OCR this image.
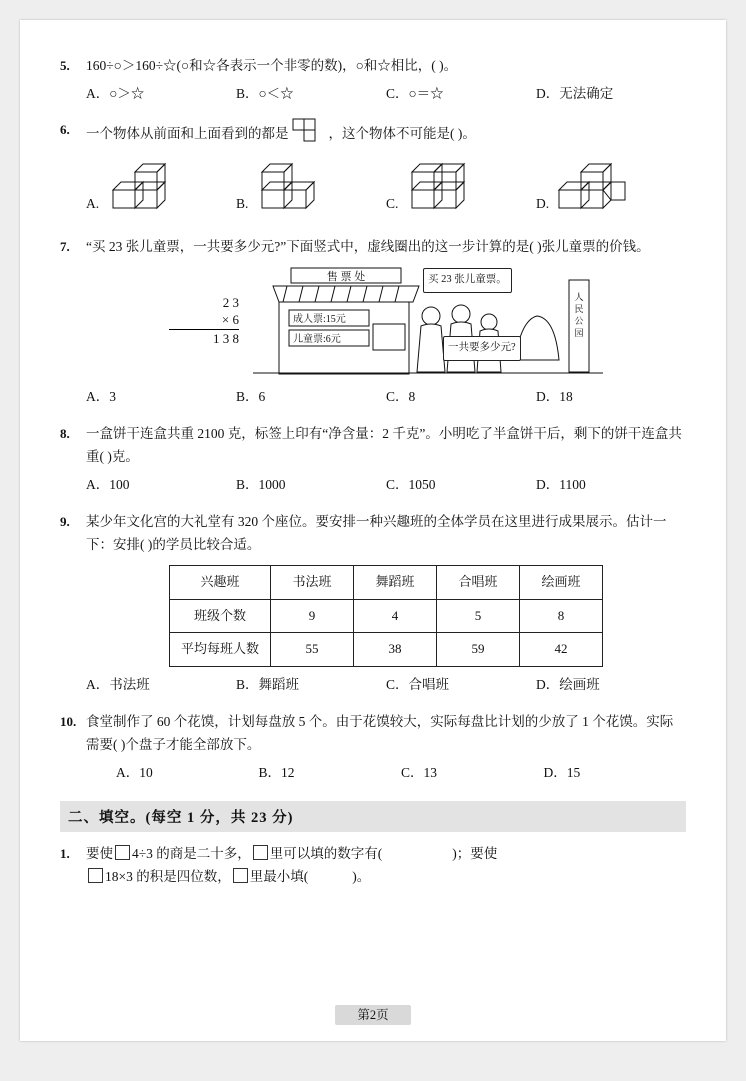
5.	160÷○＞160÷☆(○和☆各表示一个非零的数)，○和☆相比，( )。
A．○＞☆	B．○＜☆	C．○＝☆	D．无法确定
6.	一个物体从前面和上面看到的都是	，这个物体不可能是( )。
A.	B.	C.	D.
7.	“买 23 张儿童票，一共要多少元?”下面竖式中，虚线圈出的这一步计算的是( )张儿童票的价钱。
2 3
× 6
1 3 8
售 票 处
成人票:15元
儿童票:6元
人
民
公
园
买 23 张儿童票。
一共要多少元?
A．3	B．6	C．8	D．18
8.	一盒饼干连盒共重 2100 克，标签上印有“净含量：2 千克”。小明吃了半盒饼干后，剩下的饼干连盒共重( )克。
A．100	B．1000	C．1050	D．1100
9.	某少年文化宫的大礼堂有 320 个座位。要安排一种兴趣班的全体学员在这里进行成果展示。估计一下：安排( )的学员比较合适。
兴趣班	书法班	舞蹈班	合唱班	绘画班
班级个数	9	4	5	8
平均每班人数	55	38	59	42
A．书法班	B．舞蹈班	C．合唱班	D．绘画班
10. 食堂制作了 60 个花馍，计划每盘放 5 个。由于花馍较大，实际每盘比计划的少放了 1 个花馍。实际需要( )个盘子才能全部放下。
A．10	B．12	C．13	D．15
二、填空。(每空 1 分，共 23 分)
1.	要使 4÷3 的商是二十多， 里可以填的数字有(	)；要使
18×3 的积是四位数， 里最小填(	)。
第2页
